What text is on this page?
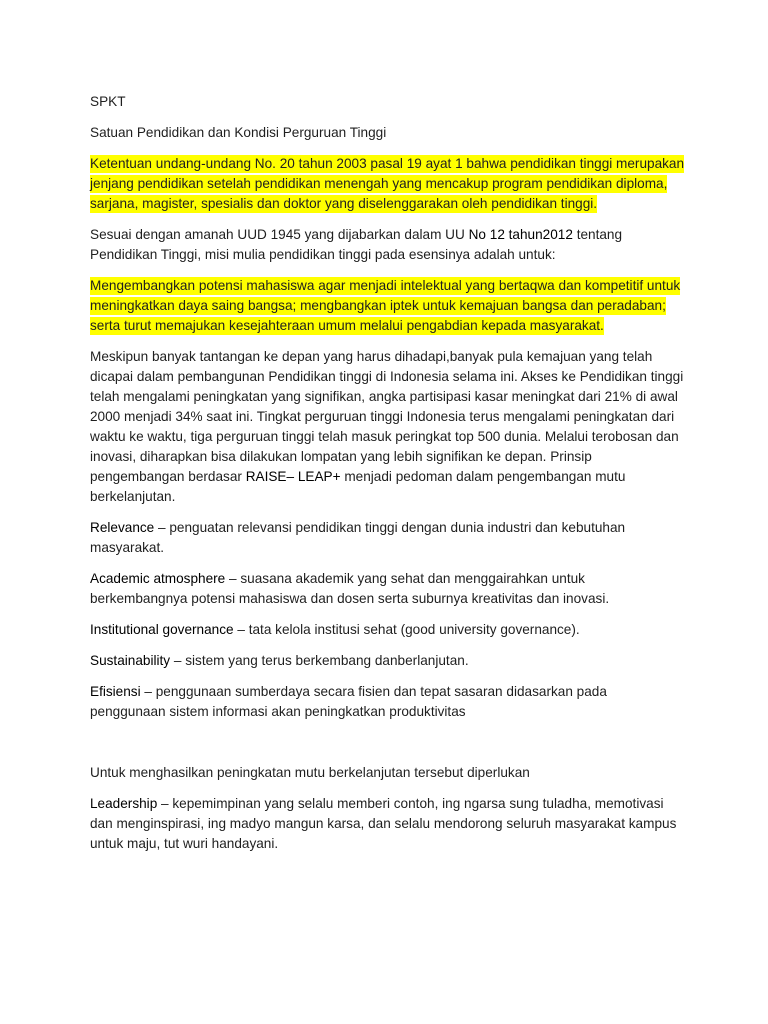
SPKT

Satuan Pendidikan dan Kondisi Perguruan Tinggi

Ketentuan undang-undang No. 20 tahun 2003 pasal 19 ayat 1 bahwa pendidikan tinggi merupakan jenjang pendidikan setelah pendidikan menengah yang mencakup program pendidikan diploma, sarjana, magister, spesialis dan doktor yang diselenggarakan oleh pendidikan tinggi.

Sesuai dengan amanah UUD 1945 yang dijabarkan dalam UU No 12 tahun2012 tentang Pendidikan Tinggi, misi mulia pendidikan tinggi pada esensinya adalah untuk:

Mengembangkan potensi mahasiswa agar menjadi intelektual yang bertaqwa dan kompetitif untuk meningkatkan daya saing bangsa; mengbangkan iptek untuk kemajuan bangsa dan peradaban; serta turut memajukan kesejahteraan umum melalui pengabdian kepada masyarakat.

Meskipun banyak tantangan ke depan yang harus dihadapi,banyak pula kemajuan yang telah dicapai dalam pembangunan Pendidikan tinggi di Indonesia selama ini. Akses ke Pendidikan tinggi telah mengalami peningkatan yang signifikan, angka partisipasi kasar meningkat dari 21% di awal 2000 menjadi 34% saat ini. Tingkat perguruan tinggi Indonesia terus mengalami peningkatan dari waktu ke waktu, tiga perguruan tinggi telah masuk peringkat top 500 dunia. Melalui terobosan dan inovasi, diharapkan bisa dilakukan lompatan yang lebih signifikan ke depan. Prinsip pengembangan berdasar RAISE– LEAP+ menjadi pedoman dalam pengembangan mutu berkelanjutan.

Relevance – penguatan relevansi pendidikan tinggi dengan dunia industri dan kebutuhan masyarakat.

Academic atmosphere – suasana akademik yang sehat dan menggairahkan untuk berkembangnya potensi mahasiswa dan dosen serta suburnya kreativitas dan inovasi.

Institutional governance – tata kelola institusi sehat (good university governance).

Sustainability – sistem yang terus berkembang danberlanjutan.

Efisiensi – penggunaan sumberdaya secara fisien dan tepat sasaran didasarkan pada penggunaan sistem informasi akan peningkatkan produktivitas

Untuk menghasilkan peningkatan mutu berkelanjutan tersebut diperlukan

Leadership – kepemimpinan yang selalu memberi contoh, ing ngarsa sung tuladha, memotivasi dan menginspirasi, ing madyo mangun karsa, dan selalu mendorong seluruh masyarakat kampus untuk maju, tut wuri handayani.
